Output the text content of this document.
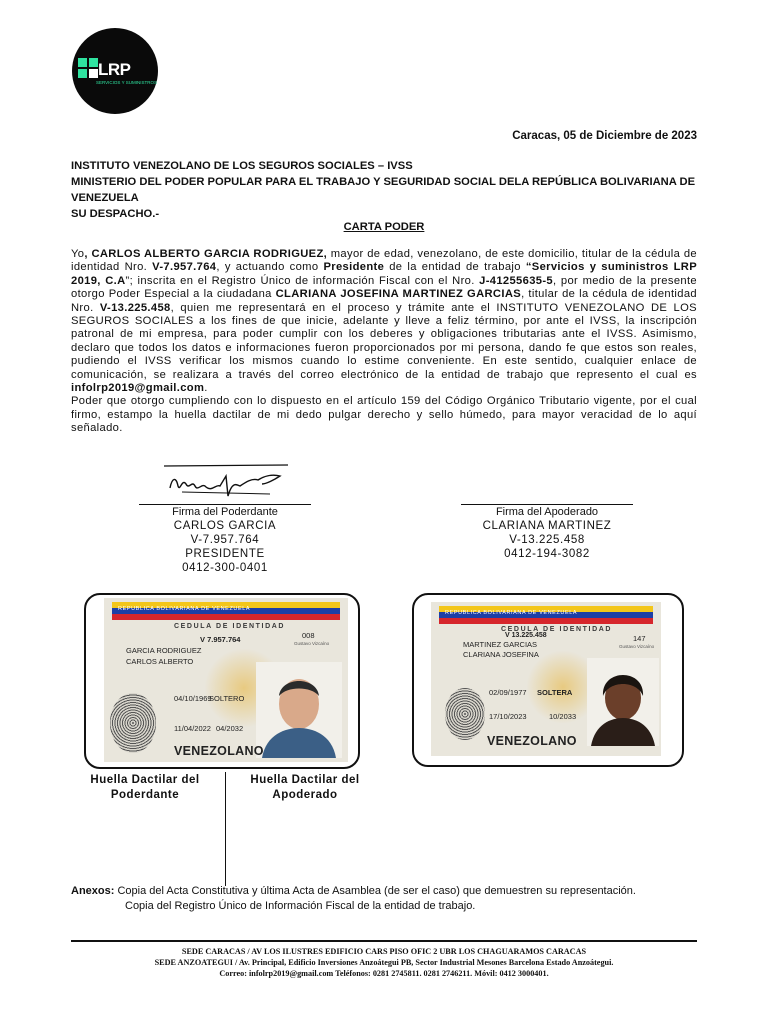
LRP
SERVICIOS Y SUMINISTROS
Caracas, 05 de Diciembre de 2023
INSTITUTO VENEZOLANO DE LOS SEGUROS SOCIALES – IVSS
MINISTERIO DEL PODER POPULAR PARA EL TRABAJO Y SEGURIDAD SOCIAL DELA REPÚBLICA BOLIVARIANA DE VENEZUELA
SU DESPACHO.-
CARTA PODER
Yo, CARLOS ALBERTO GARCIA RODRIGUEZ, mayor de edad, venezolano, de este domicilio, titular de la cédula de identidad Nro. V-7.957.764, y actuando como Presidente de la entidad de trabajo “Servicios y suministros LRP 2019, C.A”; inscrita en el Registro Único de información Fiscal con el Nro. J-41255635-5, por medio de la presente otorgo Poder Especial a la ciudadana CLARIANA JOSEFINA MARTINEZ GARCIAS, titular de la cédula de identidad Nro. V-13.225.458, quien me representará en el proceso y trámite ante el INSTITUTO VENEZOLANO DE LOS SEGUROS SOCIALES a los fines de que inicie, adelante y lleve a feliz término, por ante el IVSS, la inscripción patronal de mi empresa, para poder cumplir con los deberes y obligaciones tributarias ante el IVSS. Asimismo, declaro que todos los datos e informaciones fueron proporcionados por mi persona, dando fe que estos son reales, pudiendo el IVSS verificar los mismos cuando lo estime conveniente. En este sentido, cualquier enlace de comunicación, se realizara a través del correo electrónico de la entidad de trabajo que represento el cual es infolrp2019@gmail.com.
Poder que otorgo cumpliendo con lo dispuesto en el artículo 159 del Código Orgánico Tributario vigente, por el cual firmo, estampo la huella dactilar de mi dedo pulgar derecho y sello húmedo, para mayor veracidad de lo aquí señalado.
Firma del Poderdante
CARLOS GARCIA
V-7.957.764
PRESIDENTE
0412-300-0401
Firma del Apoderado
CLARIANA MARTINEZ
V-13.225.458
0412-194-3082
REPUBLICA BOLIVARIANA DE VENEZUELA
CEDULA DE IDENTIDAD
V 7.957.764	008
Gustavo Vizcaíno
GARCIA RODRIGUEZ
CARLOS ALBERTO
04/10/1969
SOLTERO
11/04/2022 04/2032
VENEZOLANO
REPUBLICA BOLIVARIANA DE VENEZUELA
CEDULA DE IDENTIDAD
V 13.225.458	147
Gustavo Vizcaíno
MARTINEZ GARCIAS
CLARIANA JOSEFINA
02/09/1977 SOLTERA
17/10/2023	10/2033
VENEZOLANO
Huella Dactilar del Poderdante
Huella Dactilar del Apoderado
Anexos: Copia del Acta Constitutiva y última Acta de Asamblea (de ser el caso) que demuestren su representación.
Copia del Registro Único de Información Fiscal de la entidad de trabajo.
SEDE CARACAS / AV LOS ILUSTRES EDIFICIO CARS PISO OFIC 2 UBR LOS CHAGUARAMOS CARACAS
SEDE ANZOATEGUI / Av. Principal, Edificio Inversiones Anzoátegui PB, Sector Industrial Mesones Barcelona Estado Anzoátegui.
Correo: infolrp2019@gmail.com Teléfonos: 0281 2745811. 0281 2746211. Móvil: 0412 3000401.
